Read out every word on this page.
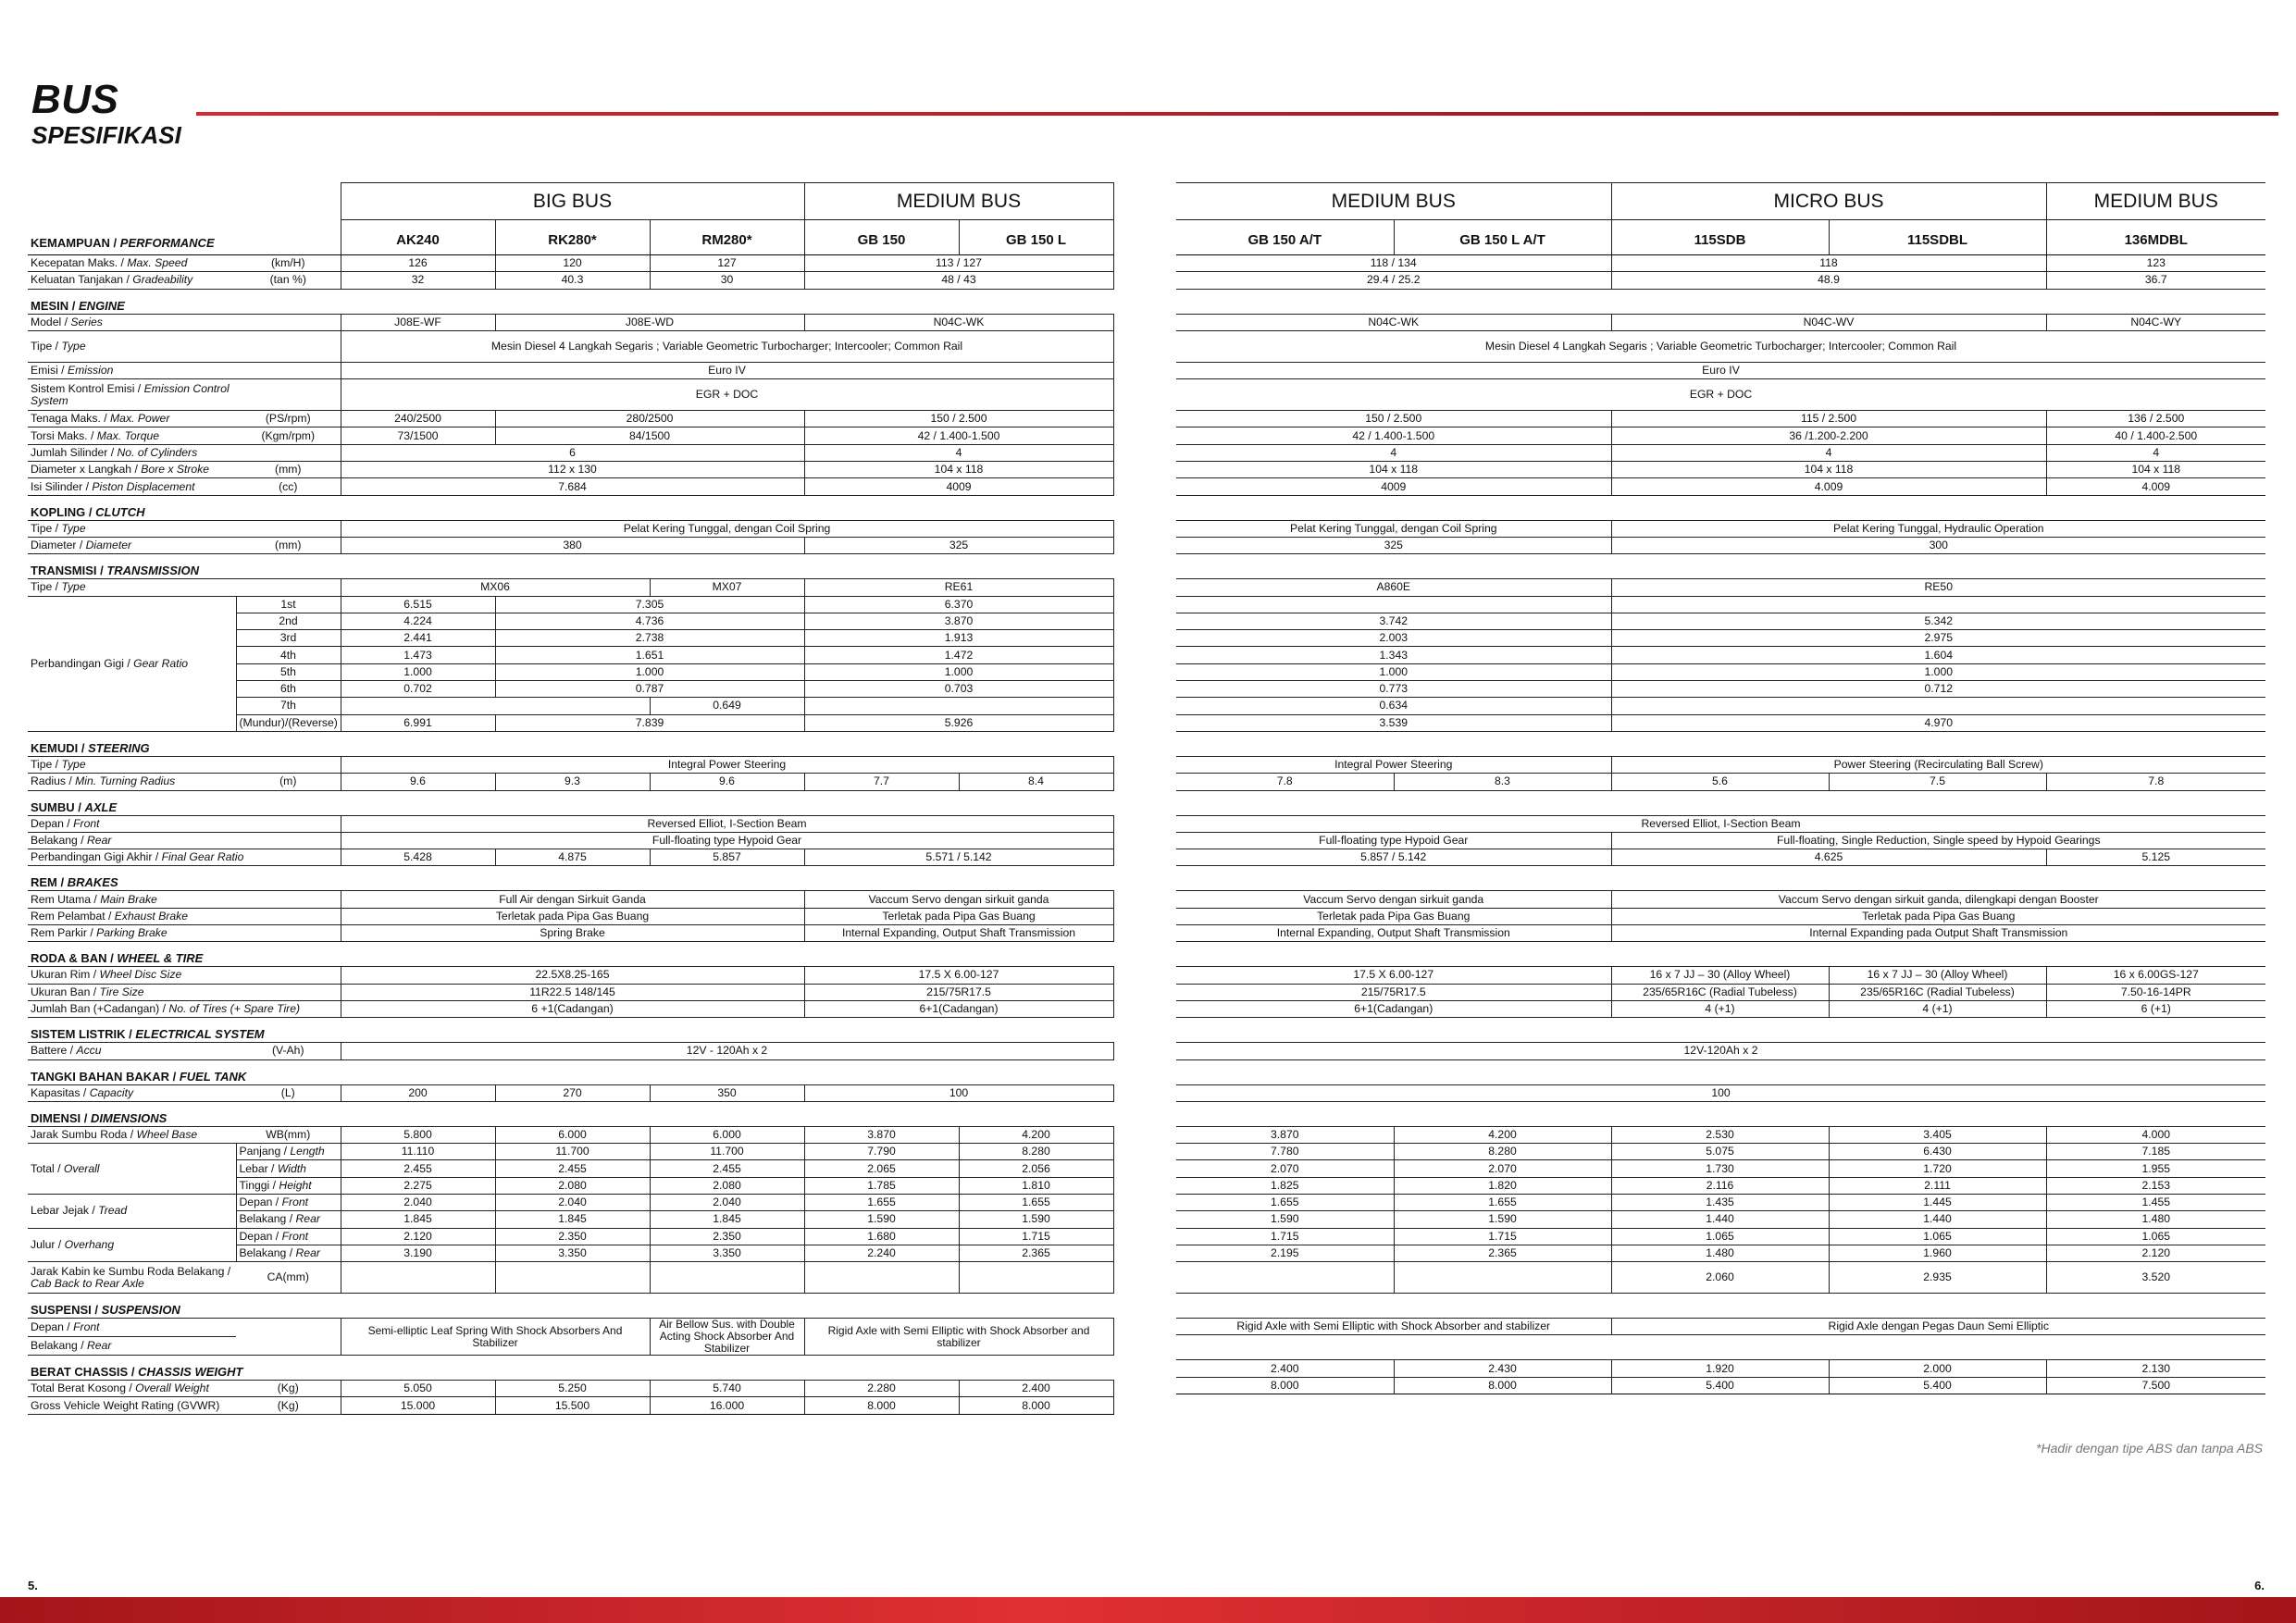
BUS
SPESIFIKASI
KEMAMPUAN / PERFORMANCE		BIG BUS			MEDIUM BUS	
		AK240	RK280*	RM280*	GB 150	GB 150 L
Kecepatan Maks. / Max. Speed	(km/H)	126	120	127	113 / 127	
Keluatan Tanjakan / Gradeability	(tan %)	32	40.3	30	48 / 43	
MESIN / ENGINE						
Model / Series		J08E-WF	J08E-WD		N04C-WK	
Tipe / Type		Mesin Diesel 4 Langkah Segaris ; Variable Geometric Turbocharger; Intercooler; Common Rail				
Emisi / Emission		Euro IV				
Sistem Kontrol Emisi / Emission Control System		EGR + DOC				
Tenaga Maks. / Max. Power	(PS/rpm)	240/2500	280/2500		150 / 2.500	
Torsi Maks. / Max. Torque	(Kgm/rpm)	73/1500	84/1500		42 / 1.400-1.500	
Jumlah Silinder / No. of Cylinders		6			4	
Diameter x Langkah / Bore x Stroke	(mm)	112 x 130			104 x 118	
Isi Silinder / Piston Displacement	(cc)	7.684			4009	
KOPLING / CLUTCH						
Tipe / Type		Pelat Kering Tunggal, dengan Coil Spring				
Diameter / Diameter	(mm)	380			325	
TRANSMISI / TRANSMISSION						
Tipe / Type		MX06		MX07	RE61	
Perbandingan Gigi / Gear Ratio	1st	6.515	7.305		6.370	
	2nd	4.224	4.736		3.870	
	3rd	2.441	2.738		1.913	
	4th	1.473	1.651		1.472	
	5th	1.000	1.000		1.000	
	6th	0.702	0.787		0.703	
	7th			0.649		
	(Mundur)/(Reverse)	6.991	7.839		5.926	
KEMUDI / STEERING						
Tipe / Type		Integral Power Steering				
Radius / Min. Turning Radius	(m)	9.6	9.3	9.6	7.7	8.4
SUMBU / AXLE						
Depan / Front		Reversed Elliot, I-Section Beam				
Belakang / Rear		Full-floating type Hypoid Gear				
Perbandingan Gigi Akhir / Final Gear Ratio		5.428	4.875	5.857	5.571 / 5.142	
REM / BRAKES						
Rem Utama / Main Brake		Full Air dengan Sirkuit Ganda			Vaccum Servo dengan sirkuit ganda	
Rem Pelambat / Exhaust Brake		Terletak pada Pipa Gas Buang			Terletak pada Pipa Gas Buang	
Rem Parkir / Parking Brake		Spring Brake			Internal Expanding, Output Shaft Transmission	
RODA & BAN / WHEEL & TIRE						
Ukuran Rim / Wheel Disc Size		22.5X8.25-165			17.5 X 6.00-127	
Ukuran Ban / Tire Size		11R22.5 148/145			215/75R17.5	
Jumlah Ban (+Cadangan) / No. of Tires (+ Spare Tire)		6 +1(Cadangan)			6+1(Cadangan)	
SISTEM LISTRIK / ELECTRICAL SYSTEM						
Battere / Accu	(V-Ah)	12V - 120Ah x 2				
TANGKI BAHAN BAKAR / FUEL TANK						
Kapasitas / Capacity	(L)	200	270	350	100	
DIMENSI / DIMENSIONS						
Jarak Sumbu Roda / Wheel Base	WB(mm)	5.800	6.000	6.000	3.870	4.200
Total / Overall	Panjang / Length	11.110	11.700	11.700	7.790	8.280
	Lebar / Width	2.455	2.455	2.455	2.065	2.056
	Tinggi / Height	2.275	2.080	2.080	1.785	1.810
Lebar Jejak / Tread	Depan / Front	2.040	2.040	2.040	1.655	1.655
	Belakang / Rear	1.845	1.845	1.845	1.590	1.590
Julur / Overhang	Depan / Front	2.120	2.350	2.350	1.680	1.715
	Belakang / Rear	3.190	3.350	3.350	2.240	2.365
Jarak Kabin ke Sumbu Roda Belakang / Cab Back to Rear Axle	CA(mm)					
SUSPENSI / SUSPENSION						
Depan / Front		Semi-elliptic Leaf Spring With Shock Absorbers And Stabilizer		Air Bellow Sus. with Double Acting Shock Absorber And Stabilizer	Rigid Axle with Semi Elliptic with Shock Absorber and stabilizer	
Belakang / Rear						
BERAT CHASSIS / CHASSIS WEIGHT						
Total Berat Kosong / Overall Weight	(Kg)	5.050	5.250	5.740	2.280	2.400
Gross Vehicle Weight Rating (GVWR)	(Kg)	15.000	15.500	16.000	8.000	8.000
MEDIUM BUS		MICRO BUS		MEDIUM BUS
GB 150 A/T	GB 150 L A/T	115SDB	115SDBL	136MDBL
118 / 134		118		123
29.4 / 25.2		48.9		36.7

N04C-WK		N04C-WV		N04C-WY
Mesin Diesel 4 Langkah Segaris ; Variable Geometric Turbocharger; Intercooler; Common Rail				
Euro IV				
EGR + DOC				
150 / 2.500		115 / 2.500		136 / 2.500
42 / 1.400-1.500		36 /1.200-2.200		40 / 1.400-2.500
4		4		4
104 x 118		104 x 118		104 x 118
4009		4.009		4.009

Pelat Kering Tunggal, dengan Coil Spring		Pelat Kering Tunggal, Hydraulic Operation		
325		300		

A860E		RE50		

3.742		5.342		
2.003		2.975		
1.343		1.604		
1.000		1.000		
0.773		0.712		
0.634				
3.539		4.970		

Integral Power Steering		Power Steering (Recirculating Ball Screw)		
7.8	8.3	5.6	7.5	7.8

Reversed Elliot, I-Section Beam				
Full-floating type Hypoid Gear		Full-floating, Single Reduction, Single speed by Hypoid Gearings		
5.857 / 5.142		4.625		5.125

Vaccum Servo dengan sirkuit ganda		Vaccum Servo dengan sirkuit ganda, dilengkapi dengan Booster		
Terletak pada Pipa Gas Buang		Terletak pada Pipa Gas Buang		
Internal Expanding, Output Shaft Transmission		Internal Expanding pada Output Shaft Transmission		

17.5 X 6.00-127		16 x 7 JJ – 30 (Alloy Wheel)	16 x 7 JJ – 30 (Alloy Wheel)	16 x 6.00GS-127
215/75R17.5		235/65R16C (Radial Tubeless)	235/65R16C (Radial Tubeless)	7.50-16-14PR
6+1(Cadangan)		4 (+1)	4 (+1)	6 (+1)

12V-120Ah x 2				

100				

3.870	4.200	2.530	3.405	4.000
7.780	8.280	5.075	6.430	7.185
2.070	2.070	1.730	1.720	1.955
1.825	1.820	2.116	2.111	2.153
1.655	1.655	1.435	1.445	1.455
1.590	1.590	1.440	1.440	1.480
1.715	1.715	1.065	1.065	1.065
2.195	2.365	1.480	1.960	2.120
		2.060	2.935	3.520

Rigid Axle with Semi Elliptic with Shock Absorber and stabilizer		Rigid Axle dengan Pegas Daun Semi Elliptic		

2.400	2.430	1.920	2.000	2.130
8.000	8.000	5.400	5.400	7.500
*Hadir dengan tipe ABS dan tanpa ABS
5.	6.
